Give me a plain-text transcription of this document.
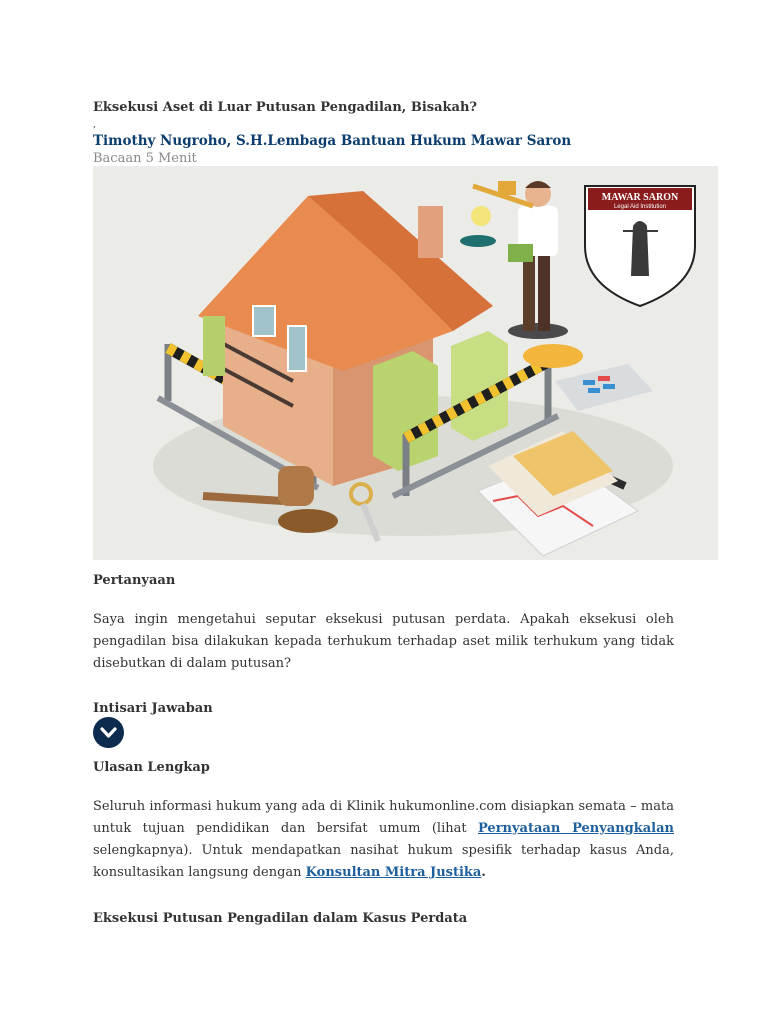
Eksekusi Aset di Luar Putusan Pengadilan, Bisakah?
,
Timothy Nugroho, S.H.Lembaga Bantuan Hukum Mawar Saron
Bacaan 5 Menit
MAWAR SARON
Legal Aid Institution
Pertanyaan
Saya ingin mengetahui seputar eksekusi putusan perdata. Apakah eksekusi oleh pengadilan bisa dilakukan kepada terhukum terhadap aset milik terhukum yang tidak disebutkan di dalam putusan?
Intisari Jawaban
Ulasan Lengkap
Seluruh informasi hukum yang ada di Klinik hukumonline.com disiapkan semata – mata untuk tujuan pendidikan dan bersifat umum (lihat Pernyataan Penyangkalan selengkapnya). Untuk mendapatkan nasihat hukum spesifik terhadap kasus Anda, konsultasikan langsung dengan Konsultan Mitra Justika.
Eksekusi Putusan Pengadilan dalam Kasus Perdata
